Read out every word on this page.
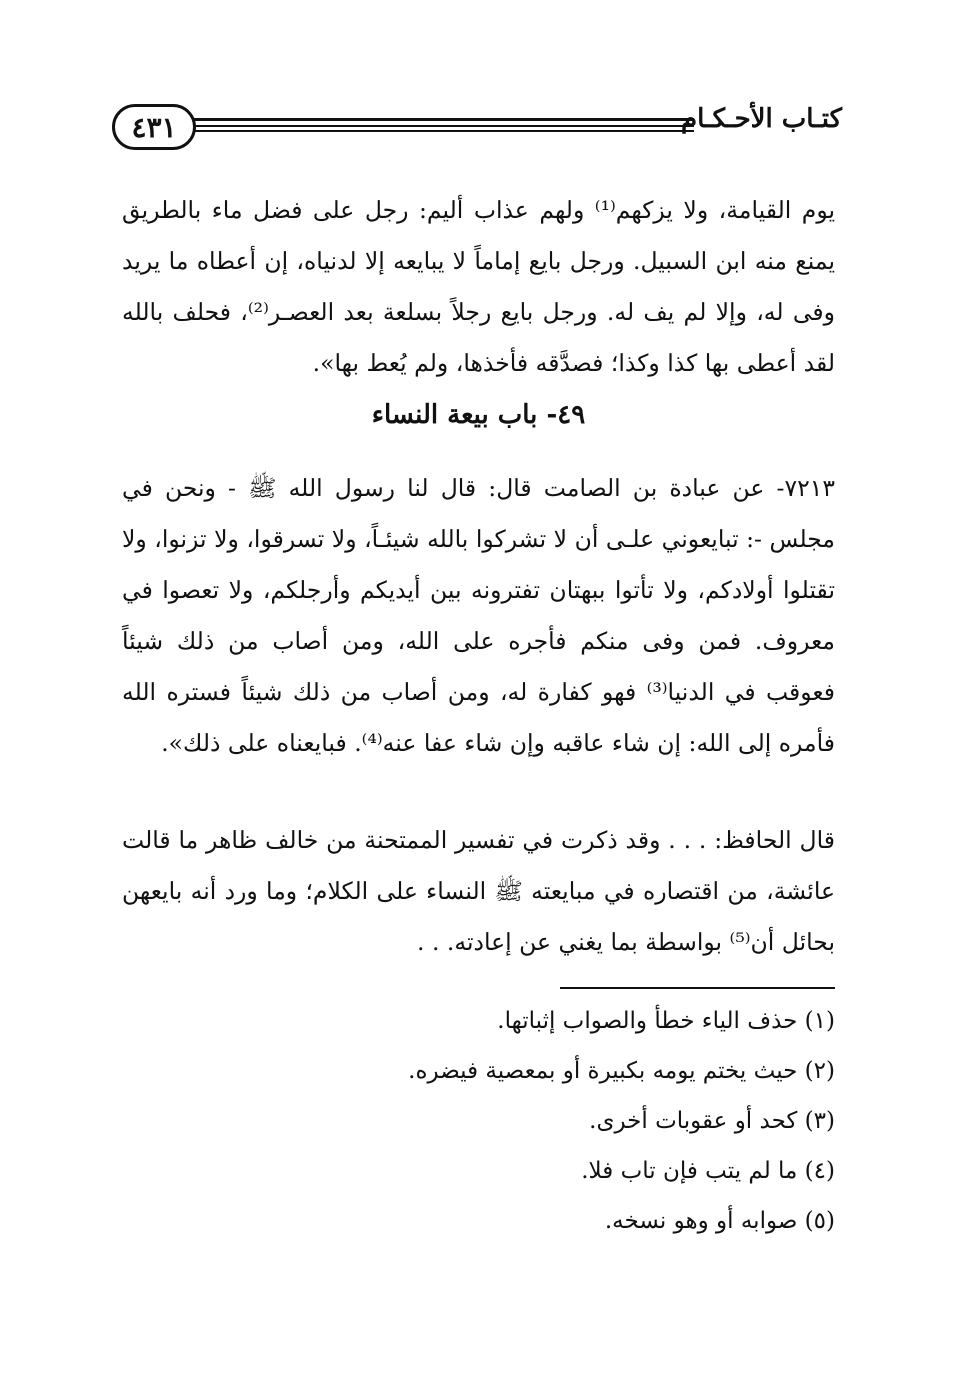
٤٣١	كتـاب الأحـكـام

يوم القيامة، ولا يزكهم⁽¹⁾ ولهم عذاب أليم: رجل على فضل ماء بالطريق يمنع منه ابن السبيل. ورجل بايع إماماً لا يبايعه إلا لدنياه، إن أعطاه ما يريد وفى له، وإلا لم يف له. ورجل بايع رجلاً بسلعة بعد العصـر⁽²⁾، فحلف بالله لقد أعطى بها كذا وكذا؛ فصدَّقه فأخذها، ولم يُعط بها».

٤٩- باب بيعة النساء

٧٢١٣- عن عبادة بن الصامت قال: قال لنا رسول الله ﷺ - ونحن في مجلس -: تبايعوني علـى أن لا تشركوا بالله شيئـاً، ولا تسرقوا، ولا تزنوا، ولا تقتلوا أولادكم، ولا تأتوا ببهتان تفترونه بين أيديكم وأرجلكم، ولا تعصوا في معروف. فمن وفى منكم فأجره على الله، ومن أصاب من ذلك شيئاً فعوقب في الدنيا⁽³⁾ فهو كفارة له، ومن أصاب من ذلك شيئاً فستره الله فأمره إلى الله: إن شاء عاقبه وإن شاء عفا عنه⁽⁴⁾. فبايعناه على ذلك».

قال الحافظ: . . . وقد ذكرت في تفسير الممتحنة من خالف ظاهر ما قالت عائشة، من اقتصاره في مبايعته ﷺ النساء على الكلام؛ وما ورد أنه بايعهن بحائل أن⁽⁵⁾ بواسطة بما يغني عن إعادته. . .

(١) حذف الياء خطأ والصواب إثباتها.
(٢) حيث يختم يومه بكبيرة أو بمعصية فيضره.
(٣) كحد أو عقوبات أخرى.
(٤) ما لم يتب فإن تاب فلا.
(٥) صوابه أو وهو نسخه.
